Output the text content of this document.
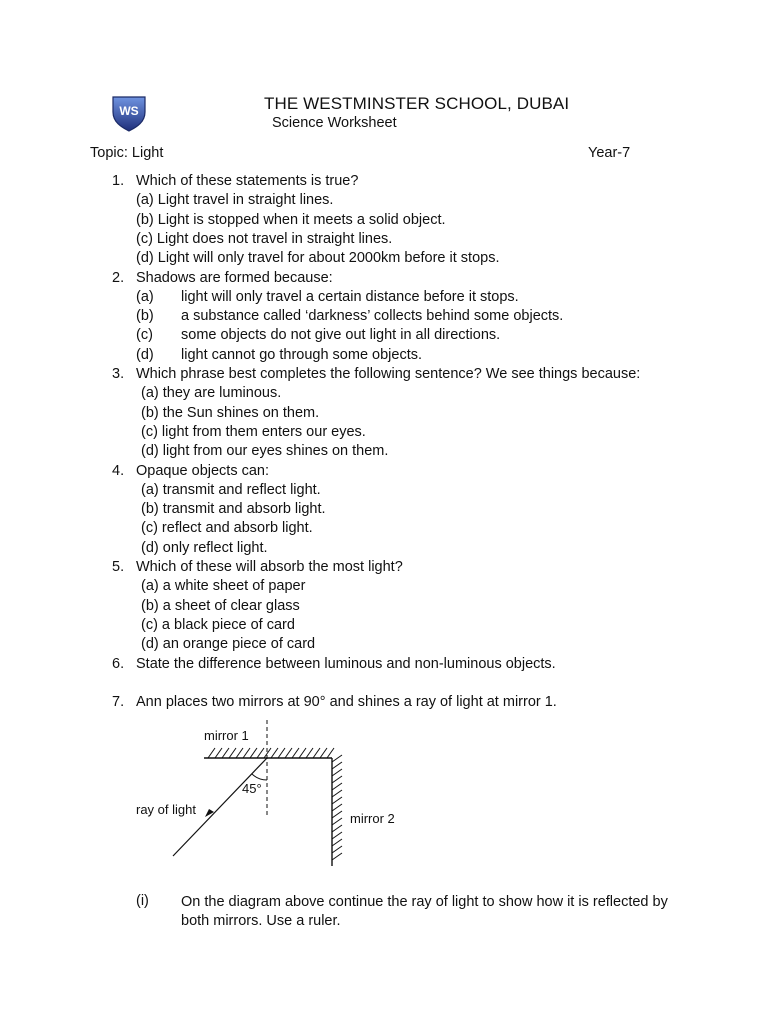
WS	THE WESTMINSTER SCHOOL, DUBAI
Science Worksheet
Topic: Light	Year-7
1. Which of these statements is true?
(a) Light travel in straight lines.
(b) Light is stopped when it meets a solid object.
(c) Light does not travel in straight lines.
(d) Light will only travel for about 2000km before it stops.
2. Shadows are formed because:
(a) light will only travel a certain distance before it stops.
(b) a substance called ‘darkness’ collects behind some objects.
(c) some objects do not give out light in all directions.
(d) light cannot go through some objects.
3. Which phrase best completes the following sentence? We see things because:
(a) they are luminous.
(b) the Sun shines on them.
(c) light from them enters our eyes.
(d) light from our eyes shines on them.
4. Opaque objects can:
(a) transmit and reflect light.
(b) transmit and absorb light.
(c) reflect and absorb light.
(d) only reflect light.
5. Which of these will absorb the most light?
(a) a white sheet of paper
(b) a sheet of clear glass
(c) a black piece of card
(d) an orange piece of card
6. State the difference between luminous and non-luminous objects.
7. Ann places two mirrors at 90° and shines a ray of light at mirror 1.
mirror 1
mirror 2
ray of light
45°
(i) On the diagram above continue the ray of light to show how it is reflected by both mirrors. Use a ruler.
